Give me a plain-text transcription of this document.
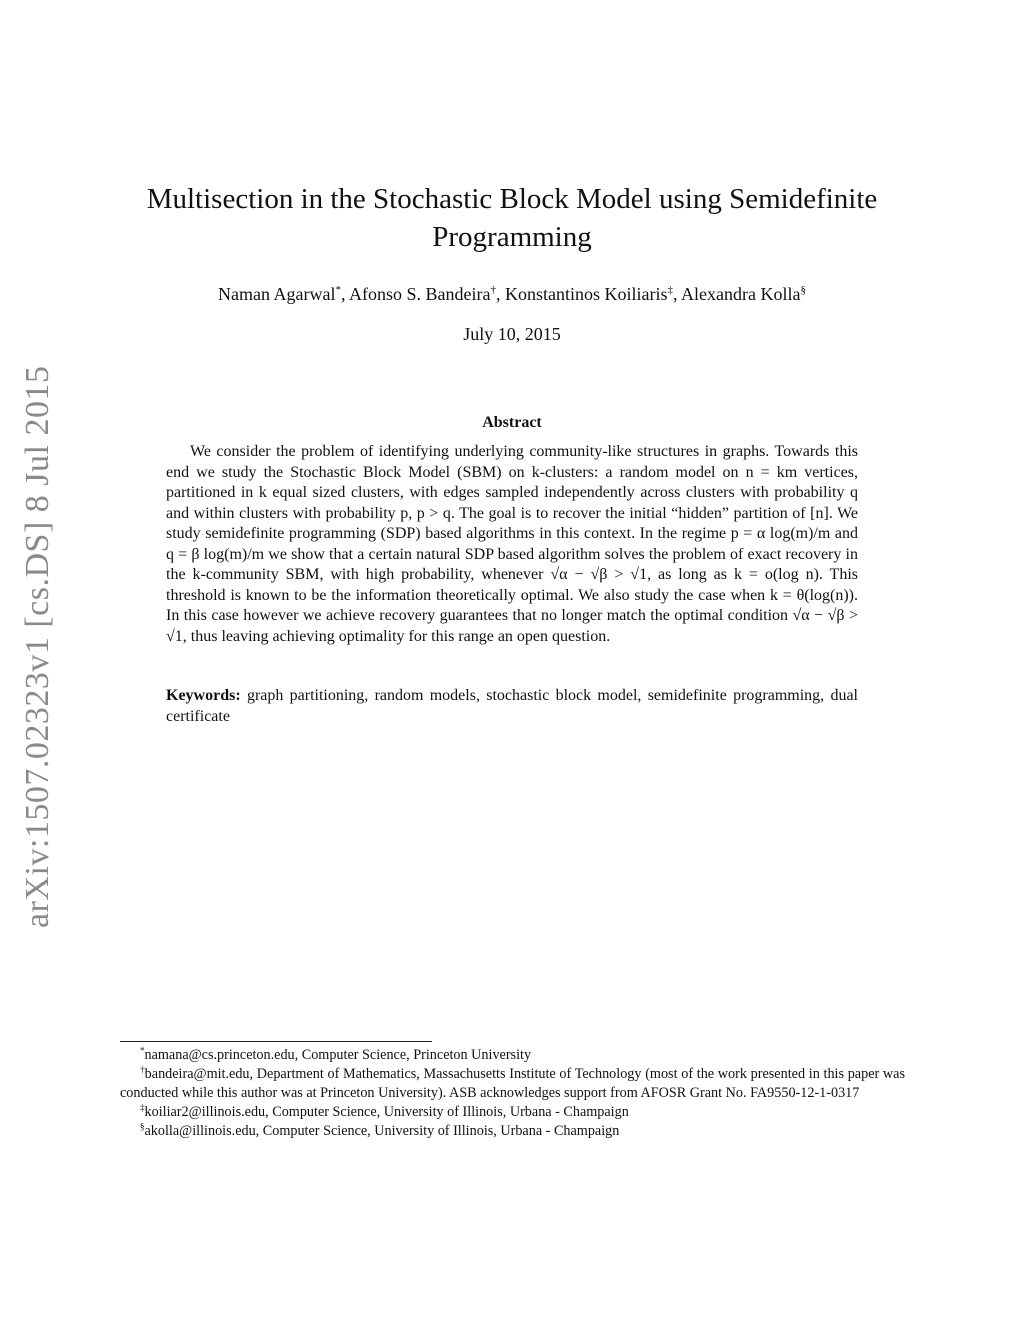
arXiv:1507.02323v1 [cs.DS] 8 Jul 2015
Multisection in the Stochastic Block Model using Semidefinite
Programming
Naman Agarwal*, Afonso S. Bandeira†, Konstantinos Koiliaris‡, Alexandra Kolla§
July 10, 2015
Abstract
We consider the problem of identifying underlying community-like structures in graphs. Towards this end we study the Stochastic Block Model (SBM) on k-clusters: a random model on n = km vertices, partitioned in k equal sized clusters, with edges sampled independently across clusters with probability q and within clusters with probability p, p > q. The goal is to recover the initial “hidden” partition of [n]. We study semidefinite programming (SDP) based algorithms in this context. In the regime p = α log(m)/m and q = β log(m)/m we show that a certain natural SDP based algorithm solves the problem of exact recovery in the k-community SBM, with high probability, whenever √α − √β > √1, as long as k = o(log n). This threshold is known to be the information theoretically optimal. We also study the case when k = θ(log(n)). In this case however we achieve recovery guarantees that no longer match the optimal condition √α − √β > √1, thus leaving achieving optimality for this range an open question.
Keywords: graph partitioning, random models, stochastic block model, semidefinite programming, dual certificate

*namana@cs.princeton.edu, Computer Science, Princeton University

†bandeira@mit.edu, Department of Mathematics, Massachusetts Institute of Technology (most of the work presented in this paper was conducted while this author was at Princeton University). ASB acknowledges support from AFOSR Grant No. FA9550-12-1-0317

‡koiliar2@illinois.edu, Computer Science, University of Illinois, Urbana - Champaign

§akolla@illinois.edu, Computer Science, University of Illinois, Urbana - Champaign
